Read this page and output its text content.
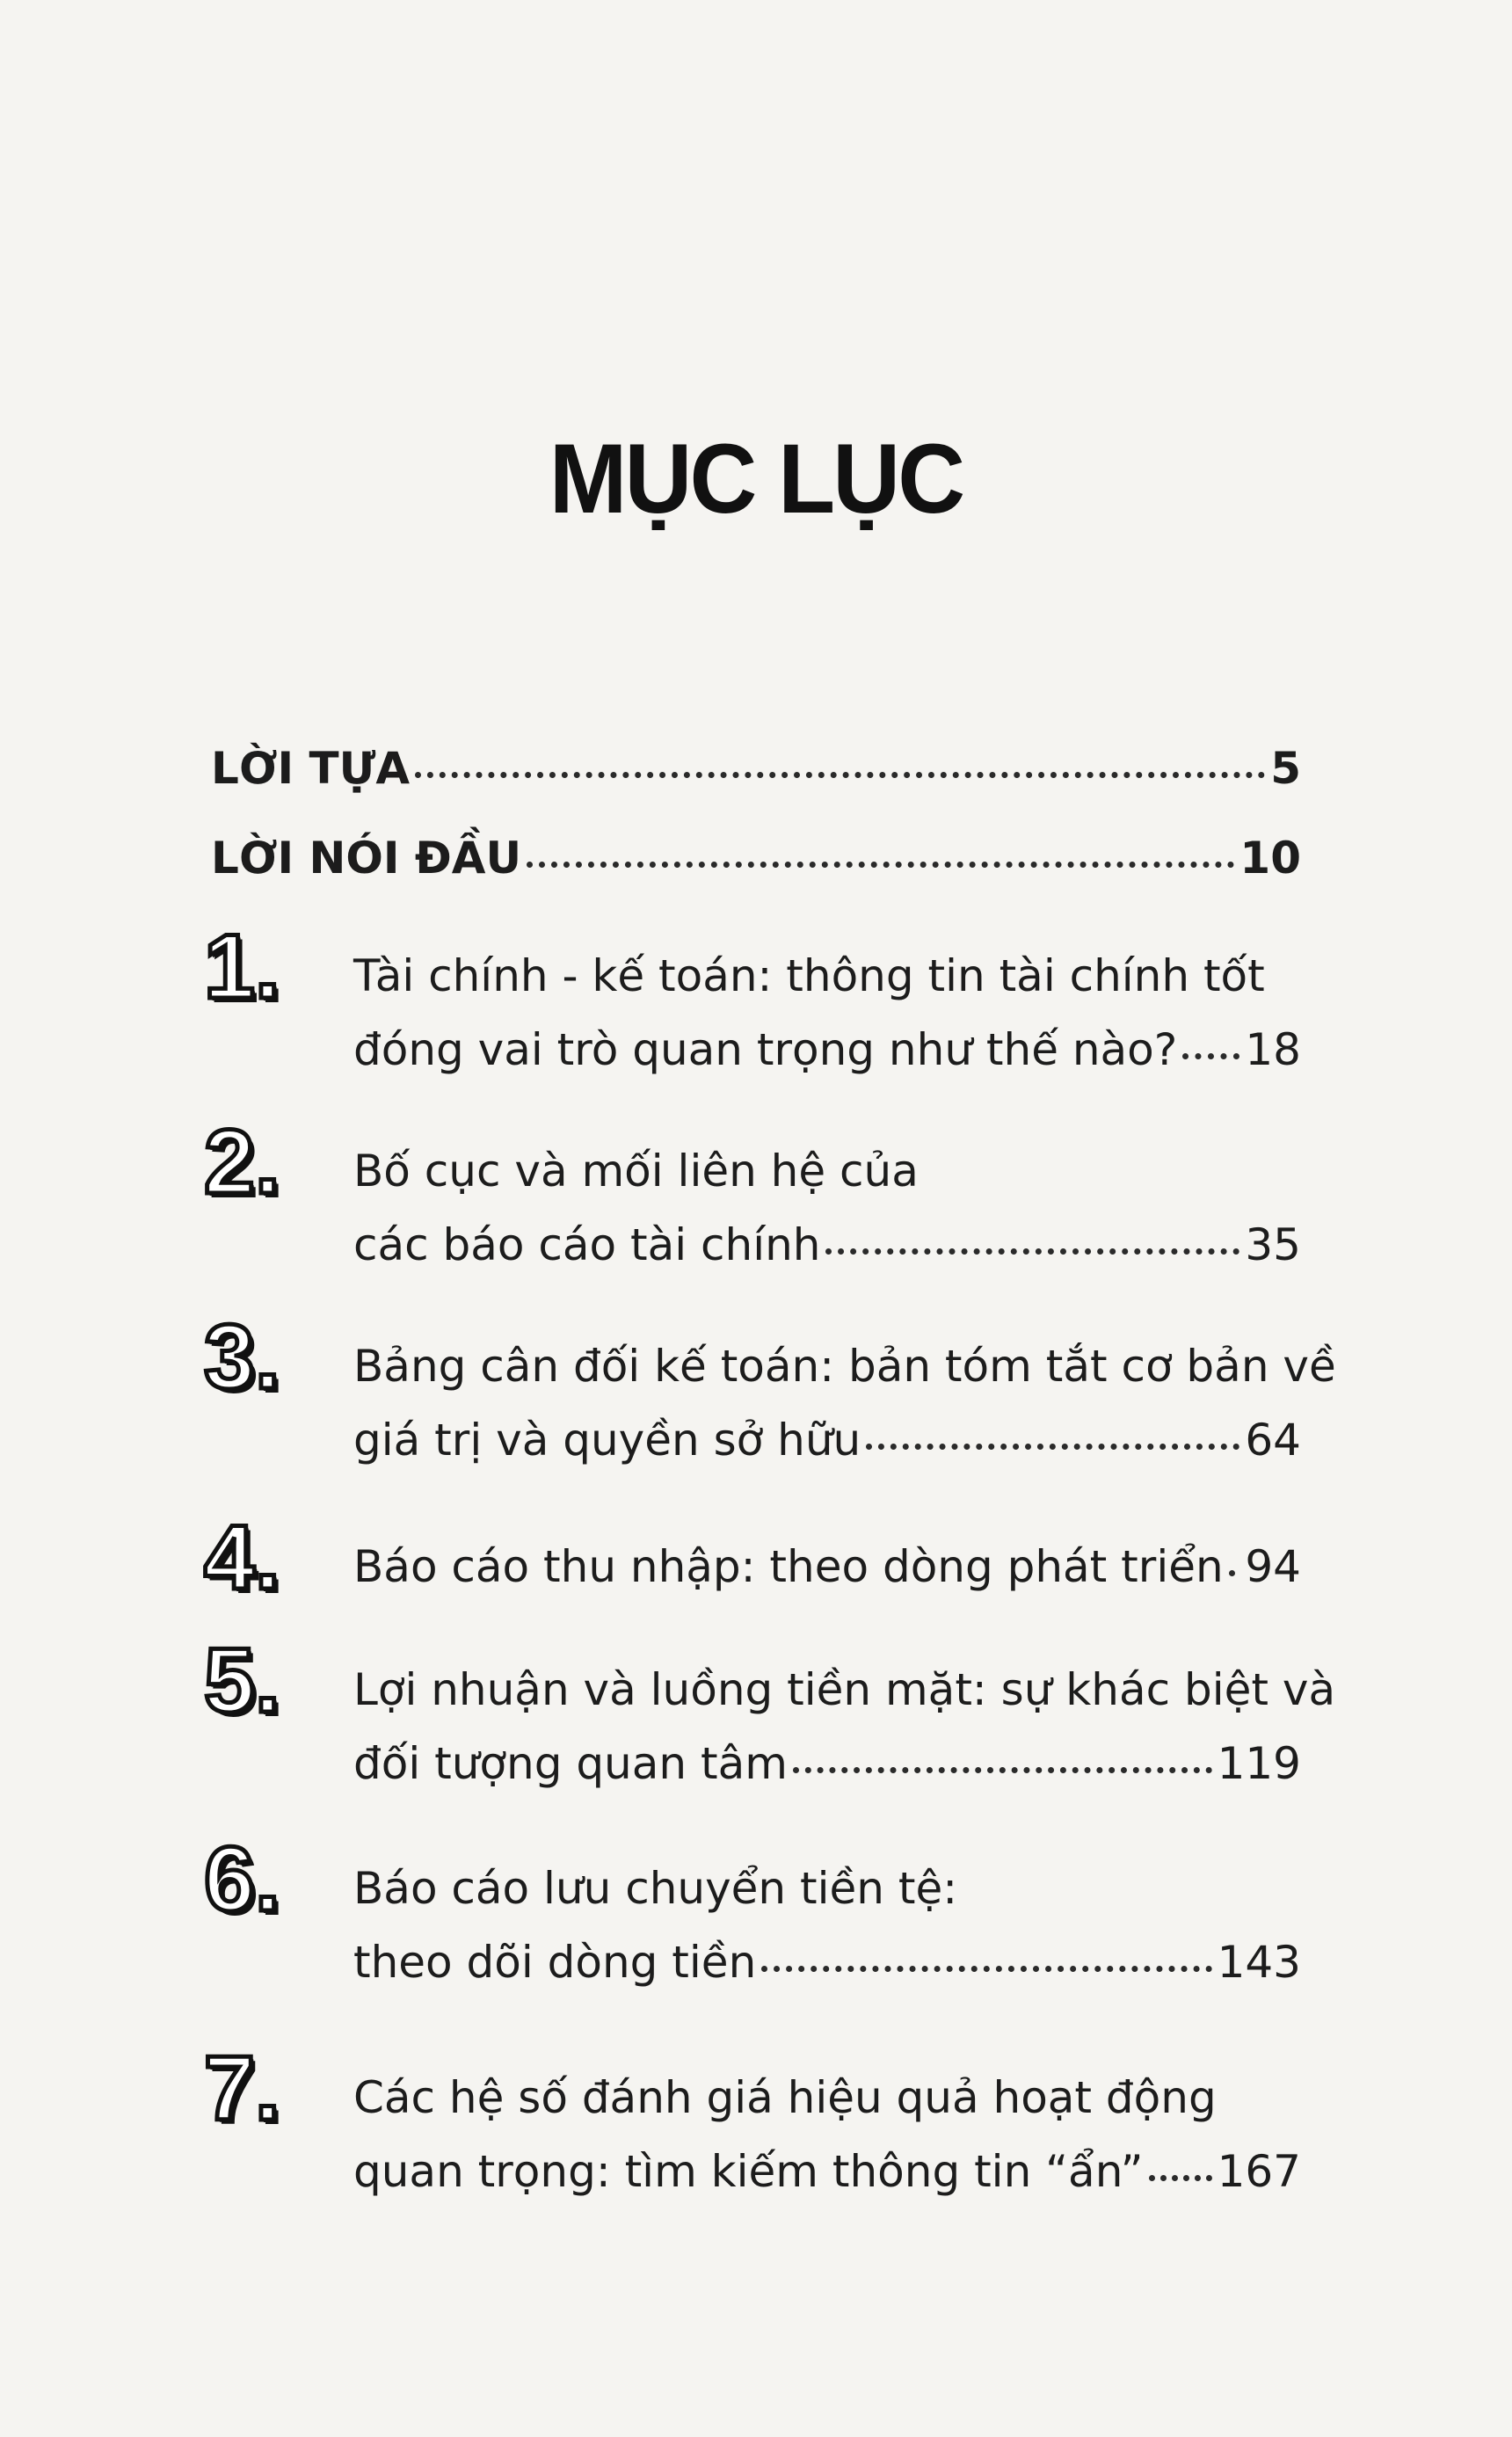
MỤC LỤC
LỜI TỰA	5
LỜI NÓI ĐẦU	10
1. Tài chính - kế toán: thông tin tài chính tốt
đóng vai trò quan trọng như thế nào? 18
2. Bố cục và mối liên hệ của
các báo cáo tài chính	35
3. Bảng cân đối kế toán: bản tóm tắt cơ bản về
giá trị và quyền sở hữu	64
4. Báo cáo thu nhập: theo dòng phát triển 94
5. Lợi nhuận và luồng tiền mặt: sự khác biệt và
đối tượng quan tâm	119
6. Báo cáo lưu chuyển tiền tệ:
theo dõi dòng tiền	143
7. Các hệ số đánh giá hiệu quả hoạt động
quan trọng: tìm kiếm thông tin “ẩn” 167
